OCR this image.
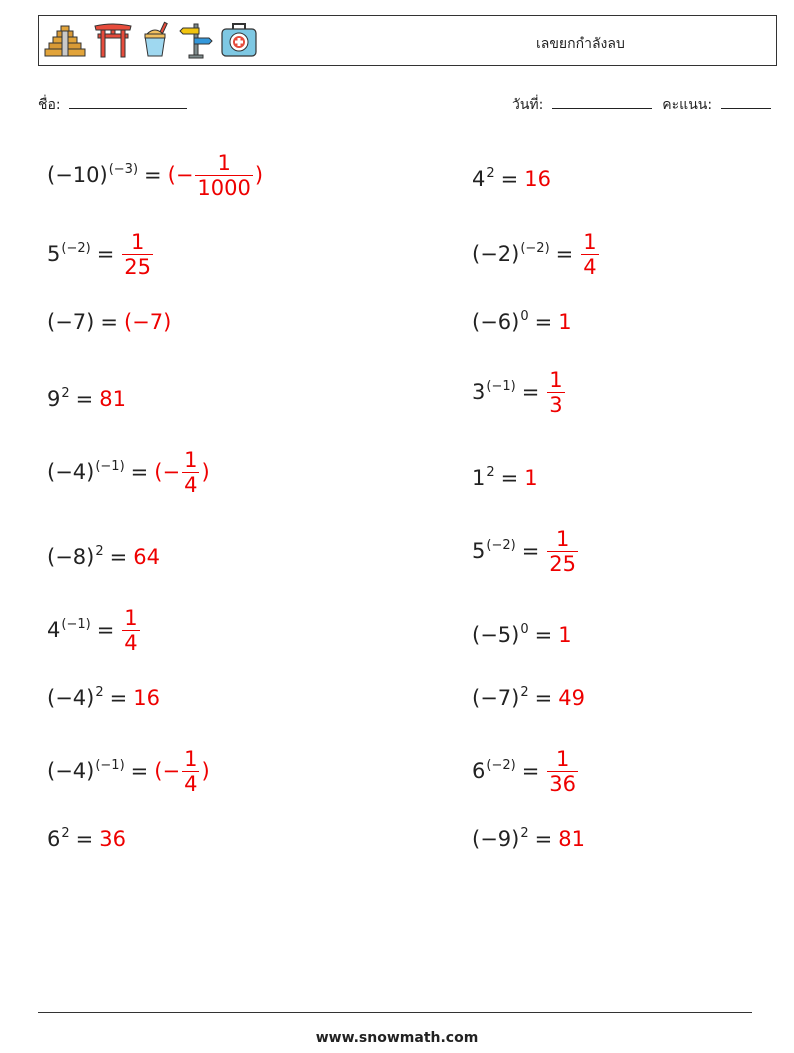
เลขยกกำลังลบ
ชื่อ:	วันที่:	คะแนน:
$(-10)^{(-3)}$ = (− $\frac{1}{1000}$ )	$4^2 = 16$
$5^{(-2)} = \frac{1}{25}$	$(-2)^{(-2)} = \frac{1}{4}$
(−7) = (−7)	$(-6)^0 = 1$
$9^2 = 81$	$3^{(-1)} = \frac{1}{3}$
$(-4)^{(-1)}$ = (− $\frac{1}{4}$ )	$1^2 = 1$
$(-8)^2 = 64$	$5^{(-2)} = \frac{1}{25}$
$4^{(-1)} = \frac{1}{4}$	$(-5)^0 = 1$
$(-4)^2 = 16$	$(-7)^2 = 49$
$(-4)^{(-1)}$ = (− $\frac{1}{4}$ )	$6^{(-2)} = \frac{1}{36}$
$6^2 = 36$	$(-9)^2 = 81$
www.snowmath.com
